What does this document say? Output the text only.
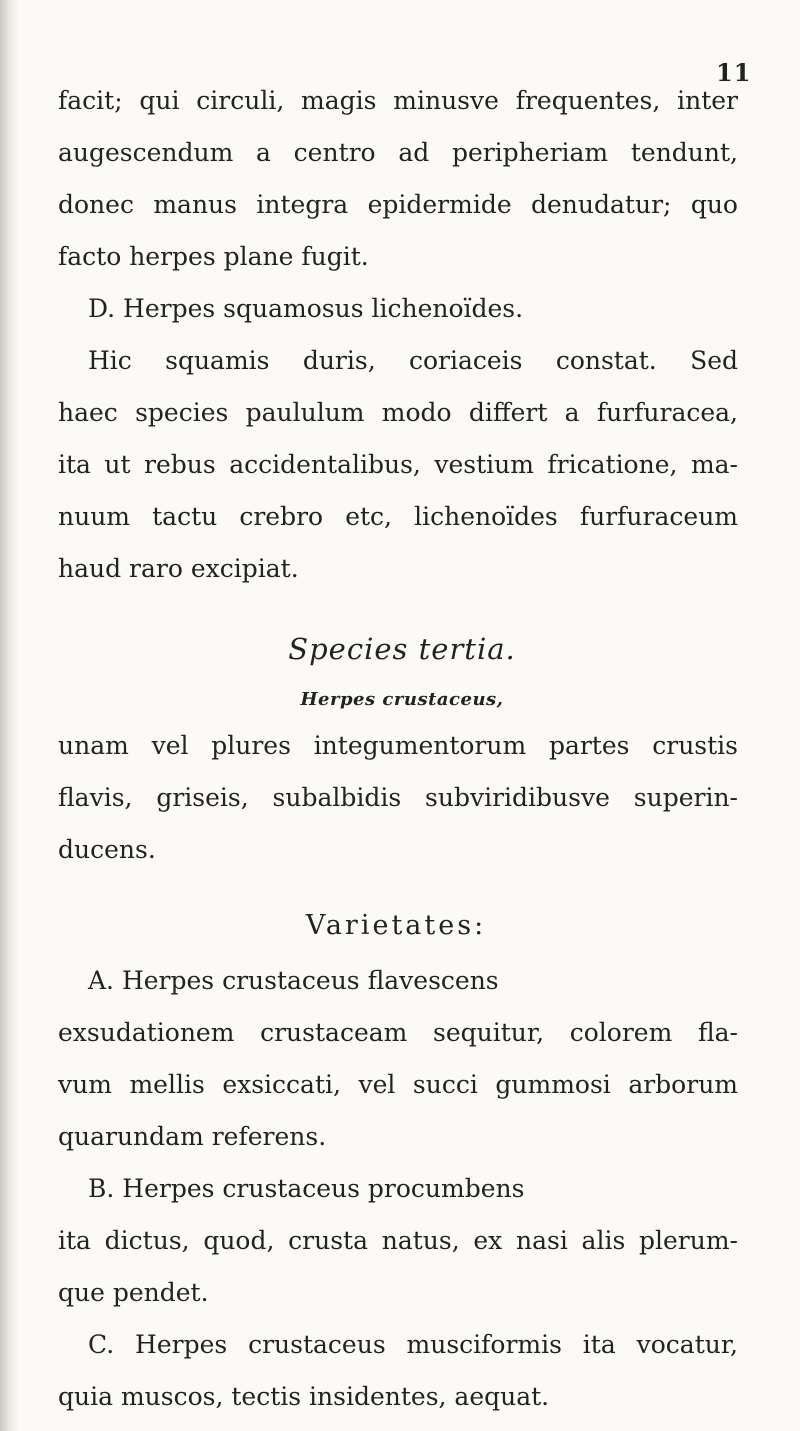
11
facit; qui circuli, magis minusve frequentes, inter
augescendum a centro ad peripheriam tendunt,
donec manus integra epidermide denudatur; quo
facto herpes plane fugit.
D. Herpes squamosus lichenoïdes.
Hic squamis duris, coriaceis constat. Sed
haec species paululum modo differt a furfuracea,
ita ut rebus accidentalibus, vestium fricatione, ma-
nuum tactu crebro etc, lichenoïdes furfuraceum
haud raro excipiat.
Species tertia.
Herpes crustaceus,
unam vel plures integumentorum partes crustis
flavis, griseis, subalbidis subviridibusve superin-
ducens.
Varietates:
A. Herpes crustaceus flavescens
exsudationem crustaceam sequitur, colorem fla-
vum mellis exsiccati, vel succi gummosi arborum
quarundam referens.
B. Herpes crustaceus procumbens
ita dictus, quod, crusta natus, ex nasi alis plerum-
que pendet.
C. Herpes crustaceus musciformis ita vocatur,
quia muscos, tectis insidentes, aequat.
